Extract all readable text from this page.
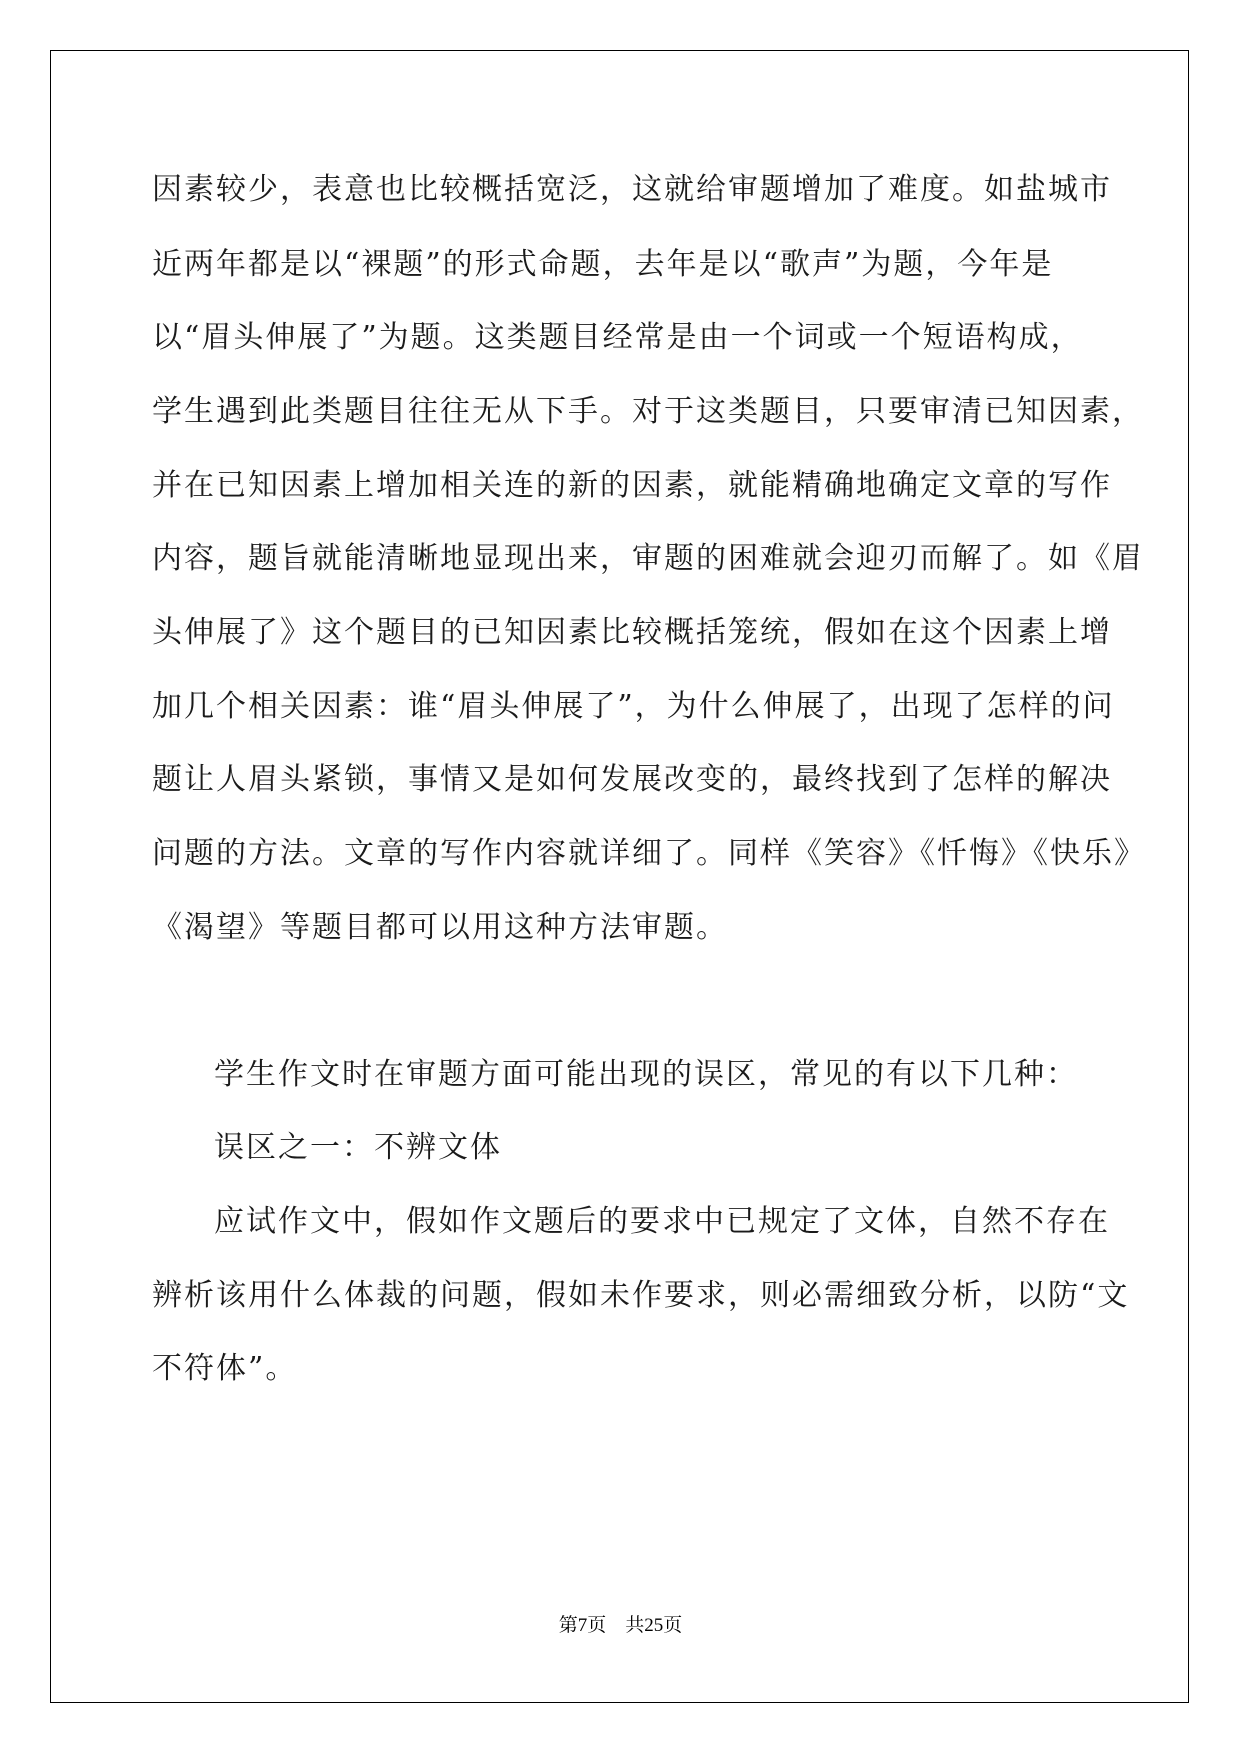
因素较少，表意也比较概括宽泛，这就给审题增加了难度。如盐城市
近两年都是以“裸题”的形式命题，去年是以“歌声”为题，今年是
以“眉头伸展了”为题。这类题目经常是由一个词或一个短语构成，
学生遇到此类题目往往无从下手。对于这类题目，只要审清已知因素，
并在已知因素上增加相关连的新的因素，就能精确地确定文章的写作
内容，题旨就能清晰地显现出来，审题的困难就会迎刃而解了。如《眉
头伸展了》这个题目的已知因素比较概括笼统，假如在这个因素上增
加几个相关因素：谁“眉头伸展了”，为什么伸展了，出现了怎样的问
题让人眉头紧锁，事情又是如何发展改变的，最终找到了怎样的解决
问题的方法。文章的写作内容就详细了。同样《笑容》《忏悔》《快乐》
《渴望》等题目都可以用这种方法审题。
学生作文时在审题方面可能出现的误区，常见的有以下几种：
误区之一：不辨文体
应试作文中，假如作文题后的要求中已规定了文体，自然不存在
辨析该用什么体裁的问题，假如未作要求，则必需细致分析，以防“文
不符体”。
第7页　共25页
